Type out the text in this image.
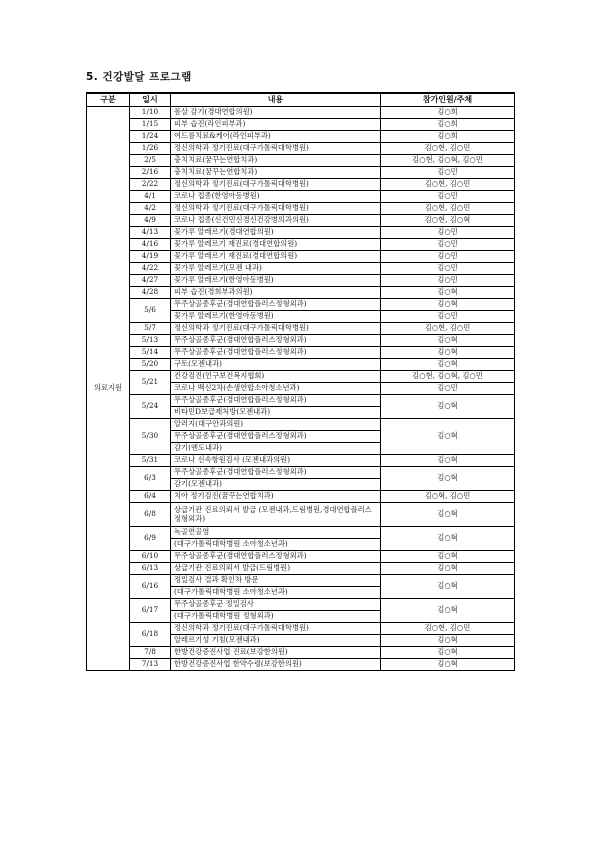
5. 건강발달 프로그램
구분	일시	내용	참가인원/주체
의료지원	1/10	몸살 감기(경대연합의원)	김○희
	1/15	피부 습진(라인피부과)	김○희
	1/24	여드름치료&케어(라인피부과)	김○희
	1/26	정신의학과 정기진료(대구가톨릭대학병원)	김○현, 김○민
	2/5	충치치료(꿈꾸는연합치과)	김○현, 김○혁, 김○민
	2/16	충치치료(꿈꾸는연합치과)	김○민
	2/22	정신의학과 정기진료(대구가톨릭대학병원)	김○현, 김○민
	4/1	코로나 접종(한영아동병원)	김○민
	4/2	정신의학과 정기진료(대구가톨릭대학병원)	김○현, 김○민
	4/9	코로나 접종(신건민신경신건강병의과의원)	김○현, 김○혁
	4/13	꽃가루 알레르기(경대연합의원)	김○민
	4/16	꽃가루 알레르기 재진료(경대연합의원)	김○민
	4/19	꽃가루 알레르기 재진료(경대연합의원)	김○민
	4/22	꽃가루 알레르기(모젠 내과)	김○민
	4/27	꽃가루 알레르기(한영아동병원)	김○민
	4/28	피부 습진(경희부과의원)	김○혁
	5/6	무주상골종후군(경대연합플러스정형외과)	김○혁
		꽃가루 알레르기(한영아동병원)	김○민
	5/7	정신의학과 정기진료(대구가톨릭대학병원)	김○현, 김○민
	5/13	무주상골종후군(경대연합플러스정형외과)	김○혁
	5/14	무주상골종후군(경대연합플러스정형외과)	김○혁
	5/20	구토(모젠내과)	김○혁
	5/21	건강검진(인구보건복지협회)	김○현, 김○혁, 김○민
		코로나 백신2차(손생연합소아청소년과)	김○민
	5/24	무주상골종후군(경대연합플러스정형외과)	김○혁
		비타민D보급제처방(모젠내과)	
	5/30	알러지(대구안과의원)	김○혁
		무주상골종후군(경대연합플러스정형외과)	
		감기(엔도내과)	
	5/31	코로나 신속항원검사 (모젠내과의원)	김○혁
	6/3	무주상골종후군(경대연합플러스정형외과)	김○혁
		감기(모젠내과)	
	6/4	치아 정기검진(꿈꾸는연합치과)	김○혁, 김○민
	6/8	상급기관 진료의뢰서 발급 (모젠내과,드림병원,경대연합플러스정형외과)	김○혁
	6/9	녹골연골염	김○혁
		(대구가톨릭대학병원 소아청소년과)	
	6/10	무주상골종후군(경대연합플러스정형외과)	김○혁
	6/13	상급기관 진료의뢰서 발급(드림병원)	김○혁
	6/16	정밀검사 결과 확인차 방문	김○혁
		(대구가톨릭대학병원 소아청소년과)	
	6/17	무주상골종후군 정밀검사	김○혁
		(대구가톨릭대학병원 정형외과)	
	6/18	정신의학과 정기진료(대구가톨릭대학병원)	김○현, 김○민
		알레르기성 기침(모젠내과)	김○혁
	7/8	한방건강증진사업 진료(보강한의원)	김○혁
	7/13	한방건강증진사업 한약수령(보강한의원)	김○혁
